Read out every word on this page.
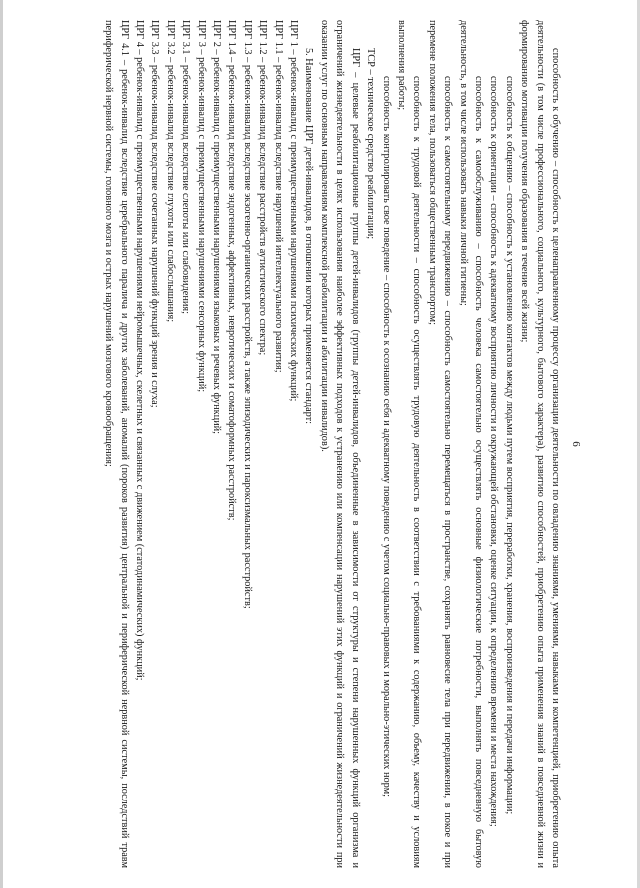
6

способность к обучению – способность к целенаправленному процессу организации деятельности по овладению знаниями, умениями, навыками и компетенцией, приобретению опыта деятельности (в том числе профессионального, социального, культурного, бытового характера), развитию способностей, приобретению опыта применения знаний в повседневной жизни и формированию мотивации получения образования в течение всей жизни;

способность к общению – способность к установлению контактов между людьми путем восприятия, переработки, хранения, воспроизведения и передачи информации;

способность к ориентации – способность к адекватному восприятию личности и окружающей обстановки, оценке ситуации, к определению времени и места нахождения;

способность к самообслуживанию – способность человека самостоятельно осуществлять основные физиологические потребности, выполнять повседневную бытовую деятельность, в том числе использовать навыки личной гигиены;

способность к самостоятельному передвижению – способность самостоятельно перемещаться в пространстве, сохранять равновесие тела при передвижении, в покое и при перемене положения тела, пользоваться общественным транспортом;

способность к трудовой деятельности – способность осуществлять трудовую деятельность в соответствии с требованиями к содержанию, объему, качеству и условиям выполнения работы;

способность контролировать свое поведение – способность к осознанию себя и адекватному поведению с учетом социально-правовых и морально-этических норм;

ТСР – техническое средство реабилитации;

ЦРГ – целевые реабилитационные группы детей-инвалидов (группы детей-инвалидов, объединенные в зависимости от структуры и степени нарушенных функций организма и ограничений жизнедеятельности в целях использования наиболее эффективных подходов к устранению или компенсации нарушений этих функций и ограничений жизнедеятельности при оказании услуг по основным направлениям комплексной реабилитации и абилитации инвалидов).

5. Наименование ЦРГ детей-инвалидов, в отношении которых применяется стандарт:

ЦРГ 1 – ребенок-инвалид с преимущественными нарушениями психических функций;

ЦРГ 1.1 – ребенок-инвалид вследствие нарушений интеллектуального развития;

ЦРГ 1.2 – ребенок-инвалид вследствие расстройств аутистического спектра;

ЦРГ 1.3 – ребенок-инвалид вследствие экзогенно-органических расстройств, а также эпизодических и пароксизмальных расстройств;

ЦРГ 1.4 – ребенок-инвалид вследствие эндогенных, аффективных, невротических и соматоформных расстройств;

ЦРГ 2 – ребенок-инвалид с преимущественными нарушениями языковых и речевых функций;

ЦРГ 3 – ребенок-инвалид с преимущественными нарушениями сенсорных функций;

ЦРГ 3.1 – ребенок-инвалид вследствие слепоты или слабовидения;

ЦРГ 3.2 – ребенок-инвалид вследствие глухоты или слабослышания;

ЦРГ 3.3 – ребенок-инвалид вследствие сочетанных нарушений функций зрения и слуха;

ЦРГ 4 – ребенок-инвалид с преимущественными нарушениями нейромышечных, скелетных и связанных с движением (статодинамических) функций;

ЦРГ 4.1 – ребенок-инвалид вследствие церебрального паралича и других заболеваний, аномалий (пороков развития) центральной и периферической нервной системы, последствий травм периферической нервной системы, головного мозга и острых нарушений мозгового кровообращения;
